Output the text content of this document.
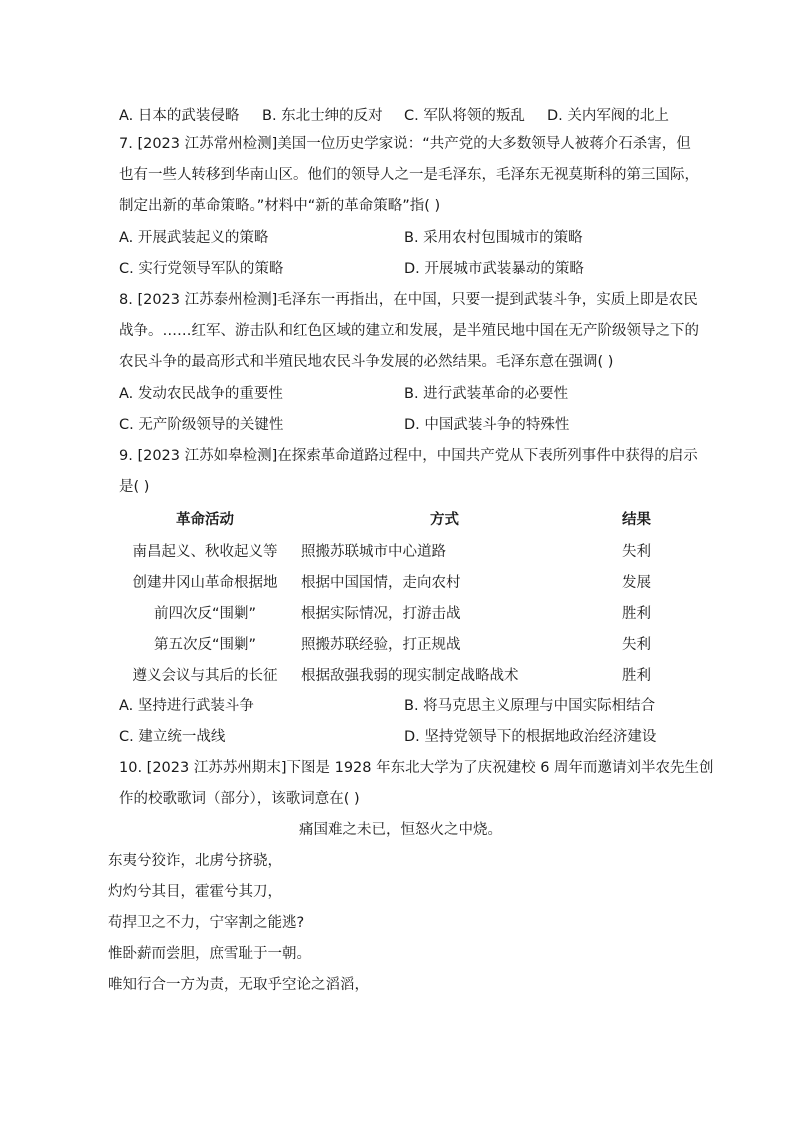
A. 日本的武装侵略 B. 东北士绅的反对 C. 军队将领的叛乱 D. 关内军阀的北上
7. [2023 江苏常州检测]美国一位历史学家说：“共产党的大多数领导人被蒋介石杀害，但
也有一些人转移到华南山区。他们的领导人之一是毛泽东，毛泽东无视莫斯科的第三国际，
制定出新的革命策略。”材料中“新的革命策略”指( )
A. 开展武装起义的策略	B. 采用农村包围城市的策略
C. 实行党领导军队的策略	D. 开展城市武装暴动的策略
8. [2023 江苏泰州检测]毛泽东一再指出，在中国，只要一提到武装斗争，实质上即是农民
战争。……红军、游击队和红色区域的建立和发展，是半殖民地中国在无产阶级领导之下的
农民斗争的最高形式和半殖民地农民斗争发展的必然结果。毛泽东意在强调( )
A. 发动农民战争的重要性	B. 进行武装革命的必要性
C. 无产阶级领导的关键性	D. 中国武装斗争的特殊性
9. [2023 江苏如皋检测]在探索革命道路过程中，中国共产党从下表所列事件中获得的启示
是( )
革命活动	方式	结果
南昌起义、秋收起义等	照搬苏联城市中心道路	失利
创建井冈山革命根据地	根据中国国情，走向农村	发展
前四次反“围剿”	根据实际情况，打游击战	胜利
第五次反“围剿”	照搬苏联经验，打正规战	失利
遵义会议与其后的长征	根据敌强我弱的现实制定战略战术	胜利
A. 坚持进行武装斗争	B. 将马克思主义原理与中国实际相结合
C. 建立统一战线	D. 坚持党领导下的根据地政治经济建设
10. [2023 江苏苏州期末]下图是 1928 年东北大学为了庆祝建校 6 周年而邀请刘半农先生创
作的校歌歌词（部分），该歌词意在( )
痛国难之未已，恒怒火之中烧。
东夷兮狡诈，北虏兮挤骁，
灼灼兮其目，霍霍兮其刀，
苟捍卫之不力，宁宰割之能逃?
惟卧薪而尝胆，庶雪耻于一朝。
唯知行合一方为责，无取乎空论之滔滔，
